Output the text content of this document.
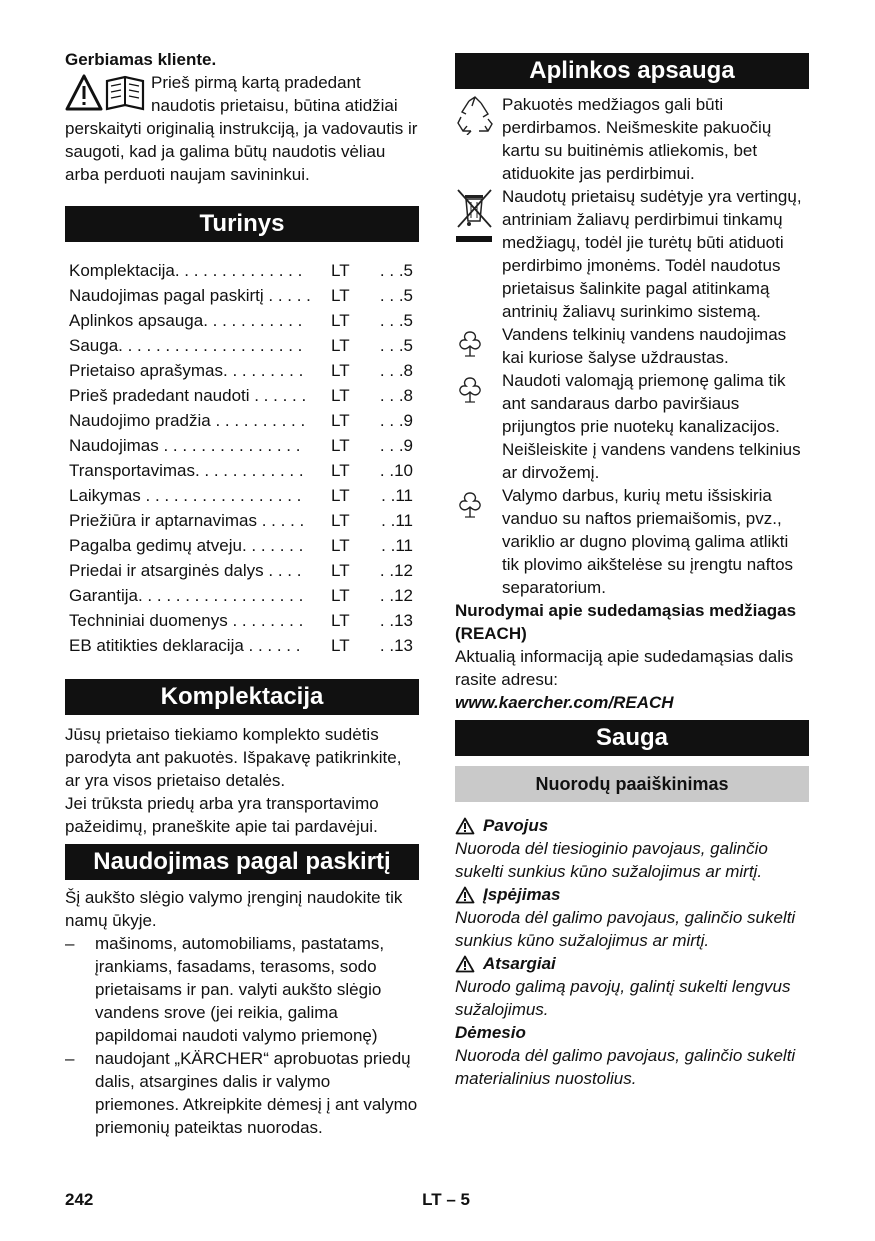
Gerbiamas kliente.

Prieš pirmą kartą pradedant naudotis prietaisu, būtina atidžiai perskaityti originalią instrukciją, ja vadovautis ir saugoti, kad ja galima būtų naudotis vėliau arba perduoti naujam savininkui.
Turinys
Komplektacija. . . . . . . . . . . . . .	LT	. . .5
Naudojimas pagal paskirtį . . . . .	LT	. . .5
Aplinkos apsauga. . . . . . . . . . .	LT	. . .5
Sauga. . . . . . . . . . . . . . . . . . . .	LT	. . .5
Prietaiso aprašymas. . . . . . . . .	LT	. . .8
Prieš pradedant naudoti . . . . . .	LT	. . .8
Naudojimo pradžia . . . . . . . . . .	LT	. . .9
Naudojimas . . . . . . . . . . . . . . .	LT	. . .9
Transportavimas. . . . . . . . . . . .	LT	. .10
Laikymas . . . . . . . . . . . . . . . . .	LT	. .11
Priežiūra ir aptarnavimas . . . . .	LT	. .11
Pagalba gedimų atveju. . . . . . .	LT	. .11
Priedai ir atsarginės dalys . . . .	LT	. .12
Garantija. . . . . . . . . . . . . . . . . .	LT	. .12
Techniniai duomenys . . . . . . . .	LT	. .13
EB atitikties deklaracija . . . . . .	LT	. .13
Komplektacija

Jūsų prietaiso tiekiamo komplekto sudėtis parodyta ant pakuotės. Išpakavę patikrinkite, ar yra visos prietaiso detalės.

Jei trūksta priedų arba yra transportavimo pažeidimų, praneškite apie tai pardavėjui.

Naudojimas pagal paskirtį

Šį aukšto slėgio valymo įrenginį naudokite tik namų ūkyje.

– mašinoms, automobiliams, pastatams, įrankiams, fasadams, terasoms, sodo prietaisams ir pan. valyti aukšto slėgio vandens srove (jei reikia, galima papildomai naudoti valymo priemonę)
– naudojant „KÄRCHER“ aprobuotas priedų dalis, atsargines dalis ir valymo priemones. Atkreipkite dėmesį į ant valymo priemonių pateiktas nuorodas.
Aplinkos apsauga
Pakuotės medžiagos gali būti perdirbamos. Neišmeskite pakuočių kartu su buitinėmis atliekomis, bet atiduokite jas perdirbimui.
Naudotų prietaisų sudėtyje yra vertingų, antriniam žaliavų perdirbimui tinkamų medžiagų, todėl jie turėtų būti atiduoti perdirbimo įmonėms. Todėl naudotus prietaisus šalinkite pagal atitinkamą antrinių žaliavų surinkimo sistemą.
Vandens telkinių vandens naudojimas kai kuriose šalyse uždraustas.
Naudoti valomąją priemonę galima tik ant sandaraus darbo paviršiaus prijungtos prie nuotekų kanalizacijos. Neišleiskite į vandens vandens telkinius ar dirvožemį.
Valymo darbus, kurių metu išsiskiria vanduo su naftos priemaišomis, pvz., variklio ar dugno plovimą galima atlikti tik plovimo aikštelėse su įrengtu naftos separatorium.

Nurodymai apie sudedamąsias medžiagas (REACH)

Aktualią informaciją apie sudedamąsias dalis rasite adresu:

www.kaercher.com/REACH

Sauga
Nuorodų paaiškinimas
Pavojus

Nuoroda dėl tiesioginio pavojaus, galinčio sukelti sunkius kūno sužalojimus ar mirtį.

Įspėjimas

Nuoroda dėl galimo pavojaus, galinčio sukelti sunkius kūno sužalojimus ar mirtį.

Atsargiai

Nurodo galimą pavojų, galintį sukelti lengvus sužalojimus.

Dėmesio

Nuoroda dėl galimo pavojaus, galinčio sukelti materialinius nuostolius.

242	LT – 5
